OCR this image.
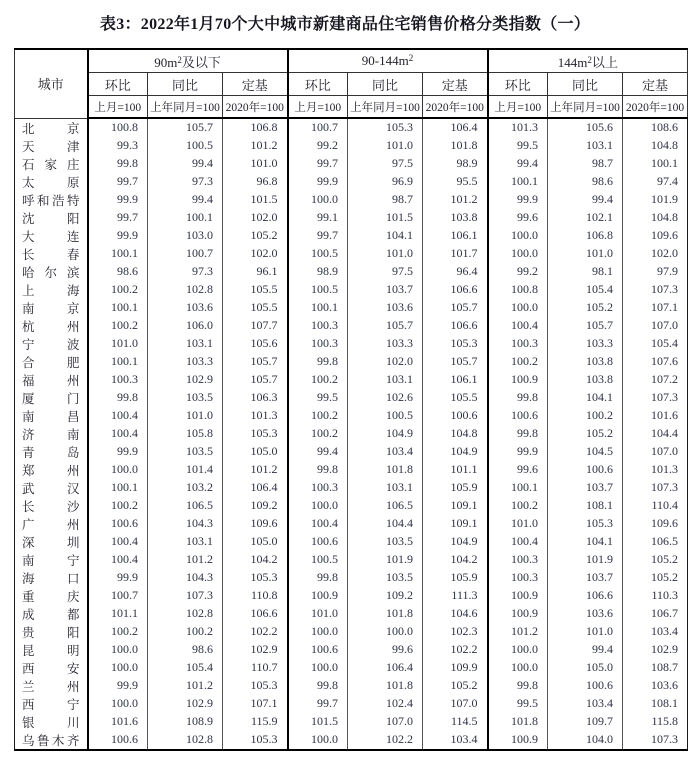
表3：2022年1月70个大中城市新建商品住宅销售价格分类指数（一）
城市	$90m^2$及以下			$90-144m^2$			$144m^2$以上		
	环比	同比	定基	环比	同比	定基	环比	同比	定基
	上月=100	上年同月=100	2020年=100	上月=100	上年同月=100	2020年=100	上月=100	上年同月=100	2020年=100
北京	100.8	105.7	106.8	100.7	105.3	106.4	101.3	105.6	108.6
天津	99.3	100.5	101.2	99.2	101.0	101.8	99.5	103.1	104.8
石家庄	99.8	99.4	101.0	99.7	97.5	98.9	99.4	98.7	100.1
太原	99.7	97.3	96.8	99.9	96.9	95.5	100.1	98.6	97.4
呼和浩特	99.9	99.4	101.5	100.0	98.7	101.2	99.9	99.4	101.9
沈阳	99.7	100.1	102.0	99.1	101.5	103.8	99.6	102.1	104.8
大连	99.9	103.0	105.2	99.7	104.1	106.1	100.0	106.8	109.6
长春	100.1	100.7	102.0	100.5	101.0	101.7	100.0	101.0	102.0
哈尔滨	98.6	97.3	96.1	98.9	97.5	96.4	99.2	98.1	97.9
上海	100.2	102.8	105.5	100.5	103.7	106.6	100.8	105.4	107.3
南京	100.1	103.6	105.5	100.1	103.6	105.7	100.0	105.2	107.1
杭州	100.2	106.0	107.7	100.3	105.7	106.6	100.4	105.7	107.0
宁波	101.0	103.1	105.6	100.3	103.3	105.3	100.3	103.3	105.4
合肥	100.1	103.3	105.7	99.8	102.0	105.7	100.2	103.8	107.6
福州	100.3	102.9	105.7	100.2	103.1	106.1	100.9	103.8	107.2
厦门	99.8	103.5	106.3	99.5	102.6	105.5	99.8	104.1	107.3
南昌	100.4	101.0	101.3	100.2	100.5	100.6	100.6	100.2	101.6
济南	100.4	105.8	105.3	100.2	104.9	104.8	99.8	105.2	104.4
青岛	99.9	103.5	105.0	99.4	103.4	104.9	99.9	104.5	107.0
郑州	100.0	101.4	101.2	99.8	101.8	101.1	99.6	100.6	101.3
武汉	100.1	103.2	106.4	100.3	103.1	105.9	100.1	103.7	107.3
长沙	100.2	106.5	109.2	100.0	106.5	109.1	100.2	108.1	110.4
广州	100.6	104.3	109.6	100.4	104.4	109.1	101.0	105.3	109.6
深圳	100.4	103.1	105.0	100.6	103.5	104.9	100.4	104.1	106.5
南宁	100.4	101.2	104.2	100.5	101.9	104.2	100.3	101.9	105.2
海口	99.9	104.3	105.3	99.8	103.5	105.9	100.3	103.7	105.2
重庆	100.7	107.3	110.8	100.9	109.2	111.3	100.9	106.6	110.3
成都	101.1	102.8	106.6	101.0	101.8	104.6	100.9	103.6	106.7
贵阳	100.2	100.2	102.2	100.0	100.0	102.3	101.2	101.0	103.4
昆明	100.0	98.6	102.9	100.6	99.6	102.2	100.0	99.4	102.9
西安	100.0	105.4	110.7	100.0	106.4	109.9	100.0	105.0	108.7
兰州	99.9	101.2	105.3	99.8	101.8	105.2	99.8	100.6	103.6
西宁	100.0	102.9	107.1	99.7	102.4	107.0	99.5	103.4	108.1
银川	101.6	108.9	115.9	101.5	107.0	114.5	101.8	109.7	115.8
乌鲁木齐	100.6	102.8	105.3	100.0	102.2	103.4	100.9	104.0	107.3
